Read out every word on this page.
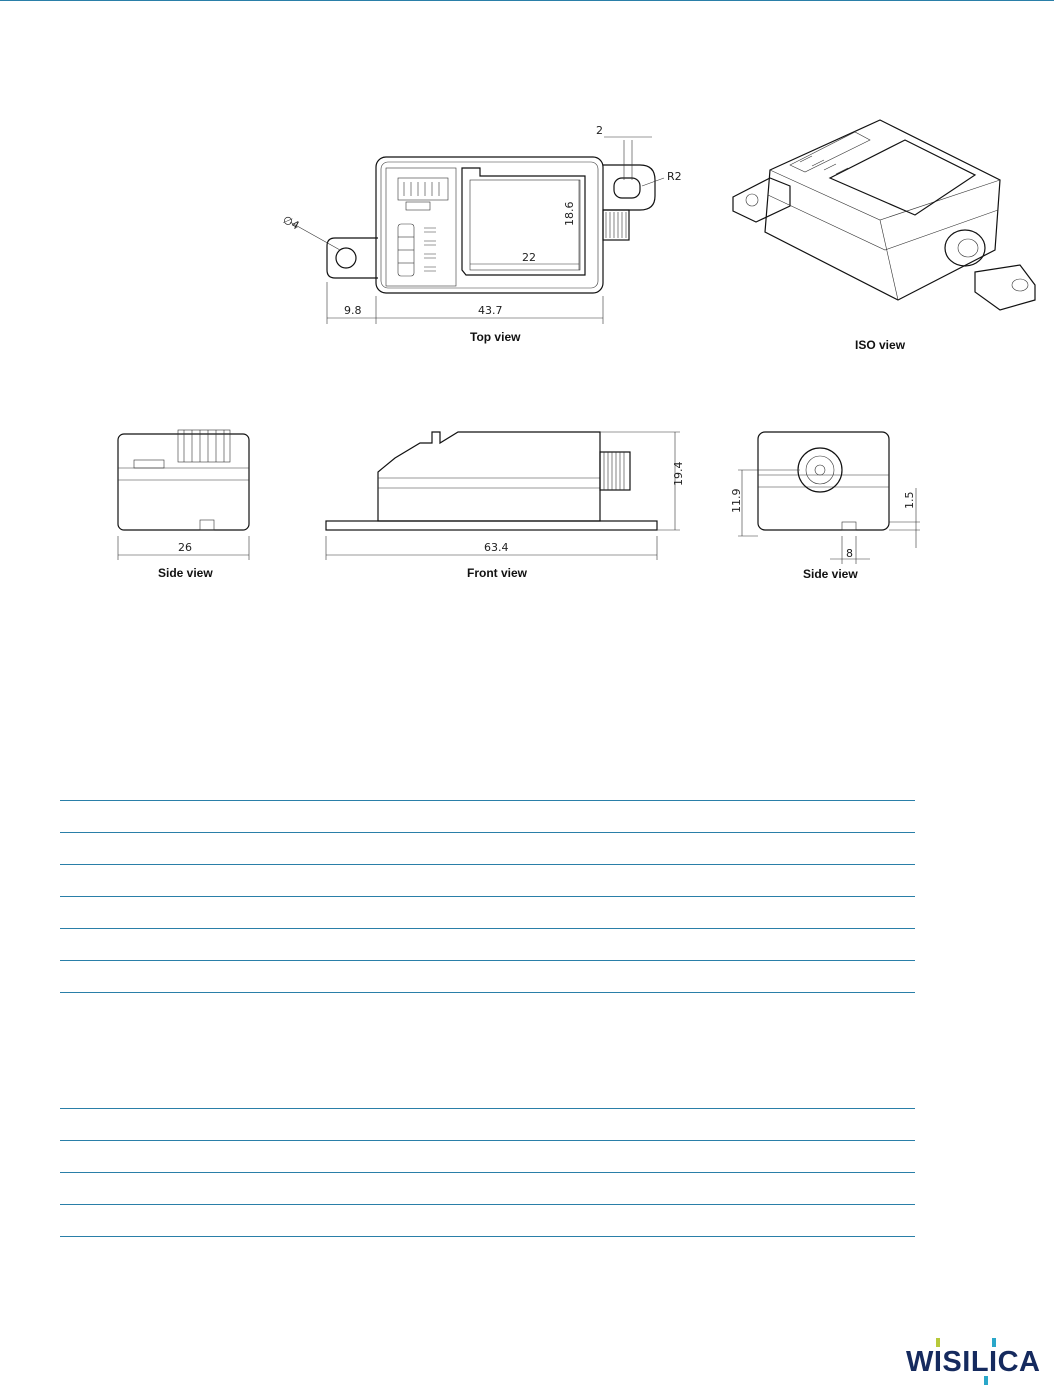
2
R2
∅4	18.6
22
9.8	43.7
Top view
ISO view
26
Side view
19.4
63.4
Front view
11.9	1.5
8
Side view
WISILICA
